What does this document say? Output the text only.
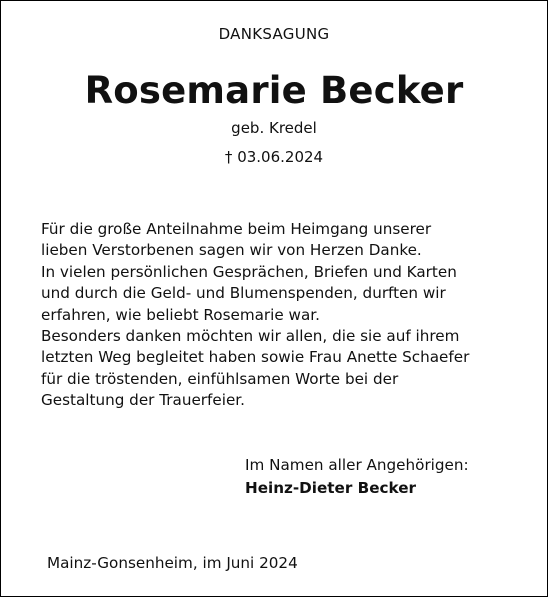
DANKSAGUNG
Rosemarie Becker
geb. Kredel
† 03.06.2024
Für die große Anteilnahme beim Heimgang unserer
lieben Verstorbenen sagen wir von Herzen Danke.
In vielen persönlichen Gesprächen, Briefen und Karten
und durch die Geld- und Blumenspenden, durften wir
erfahren, wie beliebt Rosemarie war.
Besonders danken möchten wir allen, die sie auf ihrem
letzten Weg begleitet haben sowie Frau Anette Schaefer
für die tröstenden, einfühlsamen Worte bei der
Gestaltung der Trauerfeier.
Im Namen aller Angehörigen:
Heinz-Dieter Becker
Mainz-Gonsenheim, im Juni 2024
